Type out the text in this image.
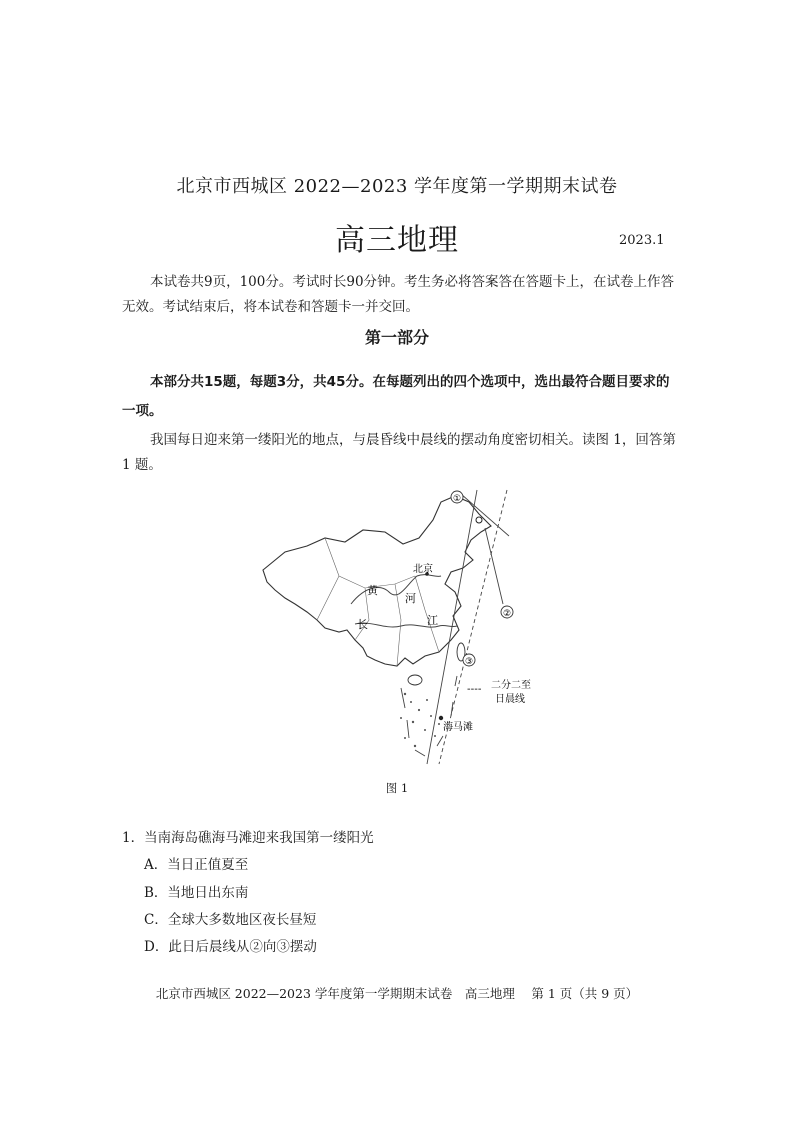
北京市西城区 2022—2023 学年度第一学期期末试卷
高三地理	2023.1
本试卷共9页，100分。考试时长90分钟。考生务必将答案答在答题卡上，在试卷上作答无效。考试结束后，将本试卷和答题卡一并交回。
第一部分
本部分共15题，每题3分，共45分。在每题列出的四个选项中，选出最符合题目要求的一项。
我国每日迎来第一缕阳光的地点，与晨昏线中晨线的摆动角度密切相关。读图 1，回答第 1 题。
①
②
③
北京
黄
河
长	江
海马滩
---- 二分二至
日晨线
图 1
1．当南海岛礁海马滩迎来我国第一缕阳光
A．当日正值夏至
B．当地日出东南
C．全球大多数地区夜长昼短
D．此日后晨线从②向③摆动
北京市西城区 2022—2023 学年度第一学期期末试卷　高三地理　 第 1 页（共 9 页）
